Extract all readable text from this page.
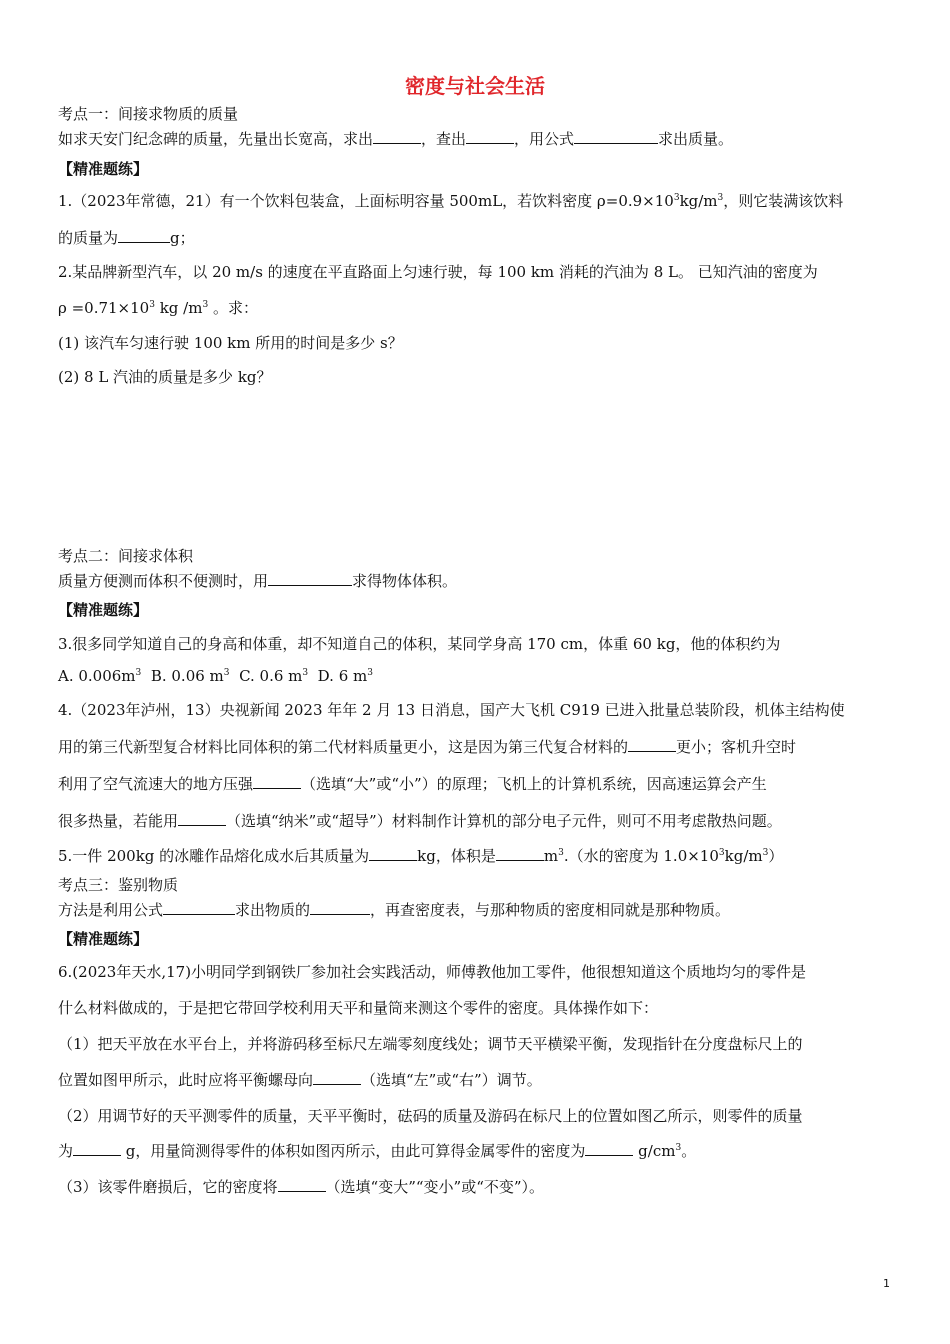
密度与社会生活
考点一：间接求物质的质量
如求天安门纪念碑的质量，先量出长宽高，求出	，查出	，用公式	求出质量。
【精准题练】
1.（2023年常德，21）有一个饮料包装盒，上面标明容量 500mL，若饮料密度 $\rho=0.9\times 10^3kg/m^3$，则它装满该饮料
的质量为	g；
2.某品牌新型汽车，以 20 m/s 的速度在平直路面上匀速行驶，每 100 km 消耗的汽油为 8 L。 已知汽油的密度为
$\rho =0.71\times 10^3$ kg $/m^3$ 。求：
(1) 该汽车匀速行驶 100 km 所用的时间是多少 s？
(2) 8 L 汽油的质量是多少 kg？
考点二：间接求体积
质量方便测而体积不便测时，用	求得物体体积。
【精准题练】
3.很多同学知道自己的身高和体重，却不知道自己的体积，某同学身高 170 cm，体重 60 kg，他的体积约为
A. $0.006m^3$ B. 0.06 $m^3$ C. 0.6 $m^3$ D. 6 $m^3$
4.（2023年泸州，13）央视新闻 2023 年年 2 月 13 日消息，国产大飞机 C919 已进入批量总装阶段，机体主结构使
用的第三代新型复合材料比同体积的第二代材料质量更小，这是因为第三代复合材料的	更小；客机升空时
利用了空气流速大的地方压强	（选填“大”或“小”）的原理；飞机上的计算机系统，因高速运算会产生
很多热量，若能用	（选填“纳米”或“超导”）材料制作计算机的部分电子元件，则可不用考虑散热问题。
5.一件 200kg 的冰雕作品熔化成水后其质量为	kg，体积是	$m^3$.（水的密度为 $1.0\times 10^3kg/m^3$）
考点三：鉴别物质
方法是利用公式	求出物质的	，再查密度表，与那种物质的密度相同就是那种物质。
【精准题练】
6.(2023年天水,17)小明同学到钢铁厂参加社会实践活动，师傅教他加工零件，他很想知道这个质地均匀的零件是
什么材料做成的，于是把它带回学校利用天平和量筒来测这个零件的密度。具体操作如下：
（1）把天平放在水平台上，并将游码移至标尺左端零刻度线处；调节天平横梁平衡，发现指针在分度盘标尺上的
位置如图甲所示，此时应将平衡螺母向	（选填“左”或“右”）调节。
（2）用调节好的天平测零件的质量，天平平衡时，砝码的质量及游码在标尺上的位置如图乙所示，则零件的质量
为	g，用量筒测得零件的体积如图丙所示，由此可算得金属零件的密度为	$g/cm^3$。
（3）该零件磨损后，它的密度将	（选填“变大”“变小”或“不变”）。
1
